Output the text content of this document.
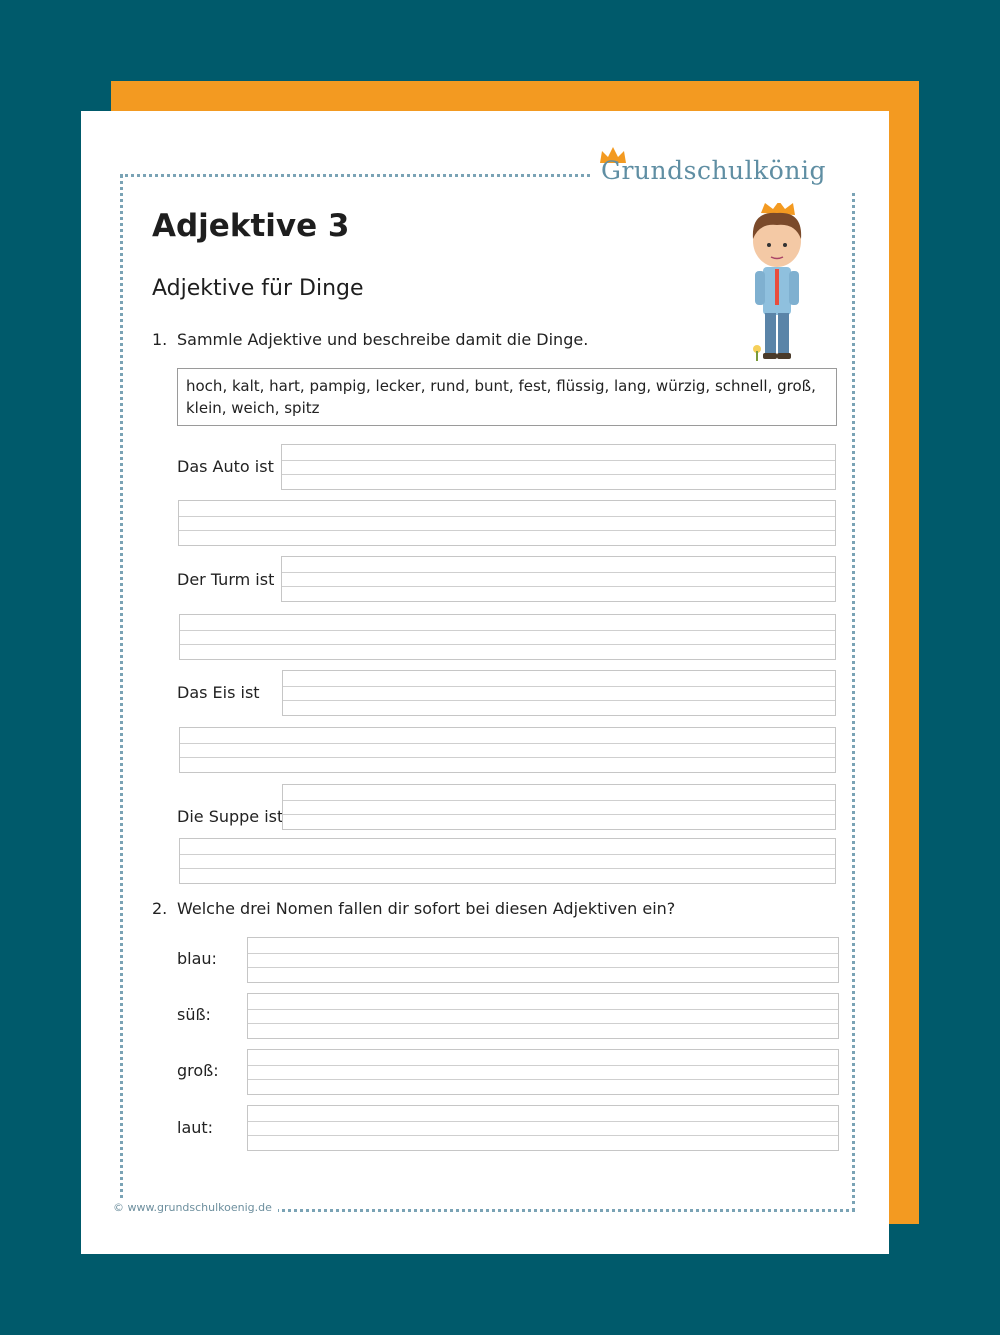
Grundschulkönig
Adjektive 3
Adjektive für Dinge
1. Sammle Adjektive und beschreibe damit die Dinge.
hoch, kalt, hart, pampig, lecker, rund, bunt, fest, flüssig, lang, würzig, schnell, groß, klein, weich, spitz
Das Auto ist
Der Turm ist
Das Eis ist
Die Suppe ist
2. Welche drei Nomen fallen dir sofort bei diesen Adjektiven ein?
blau:
süß:
groß:
laut:
© www.grundschulkoenig.de
